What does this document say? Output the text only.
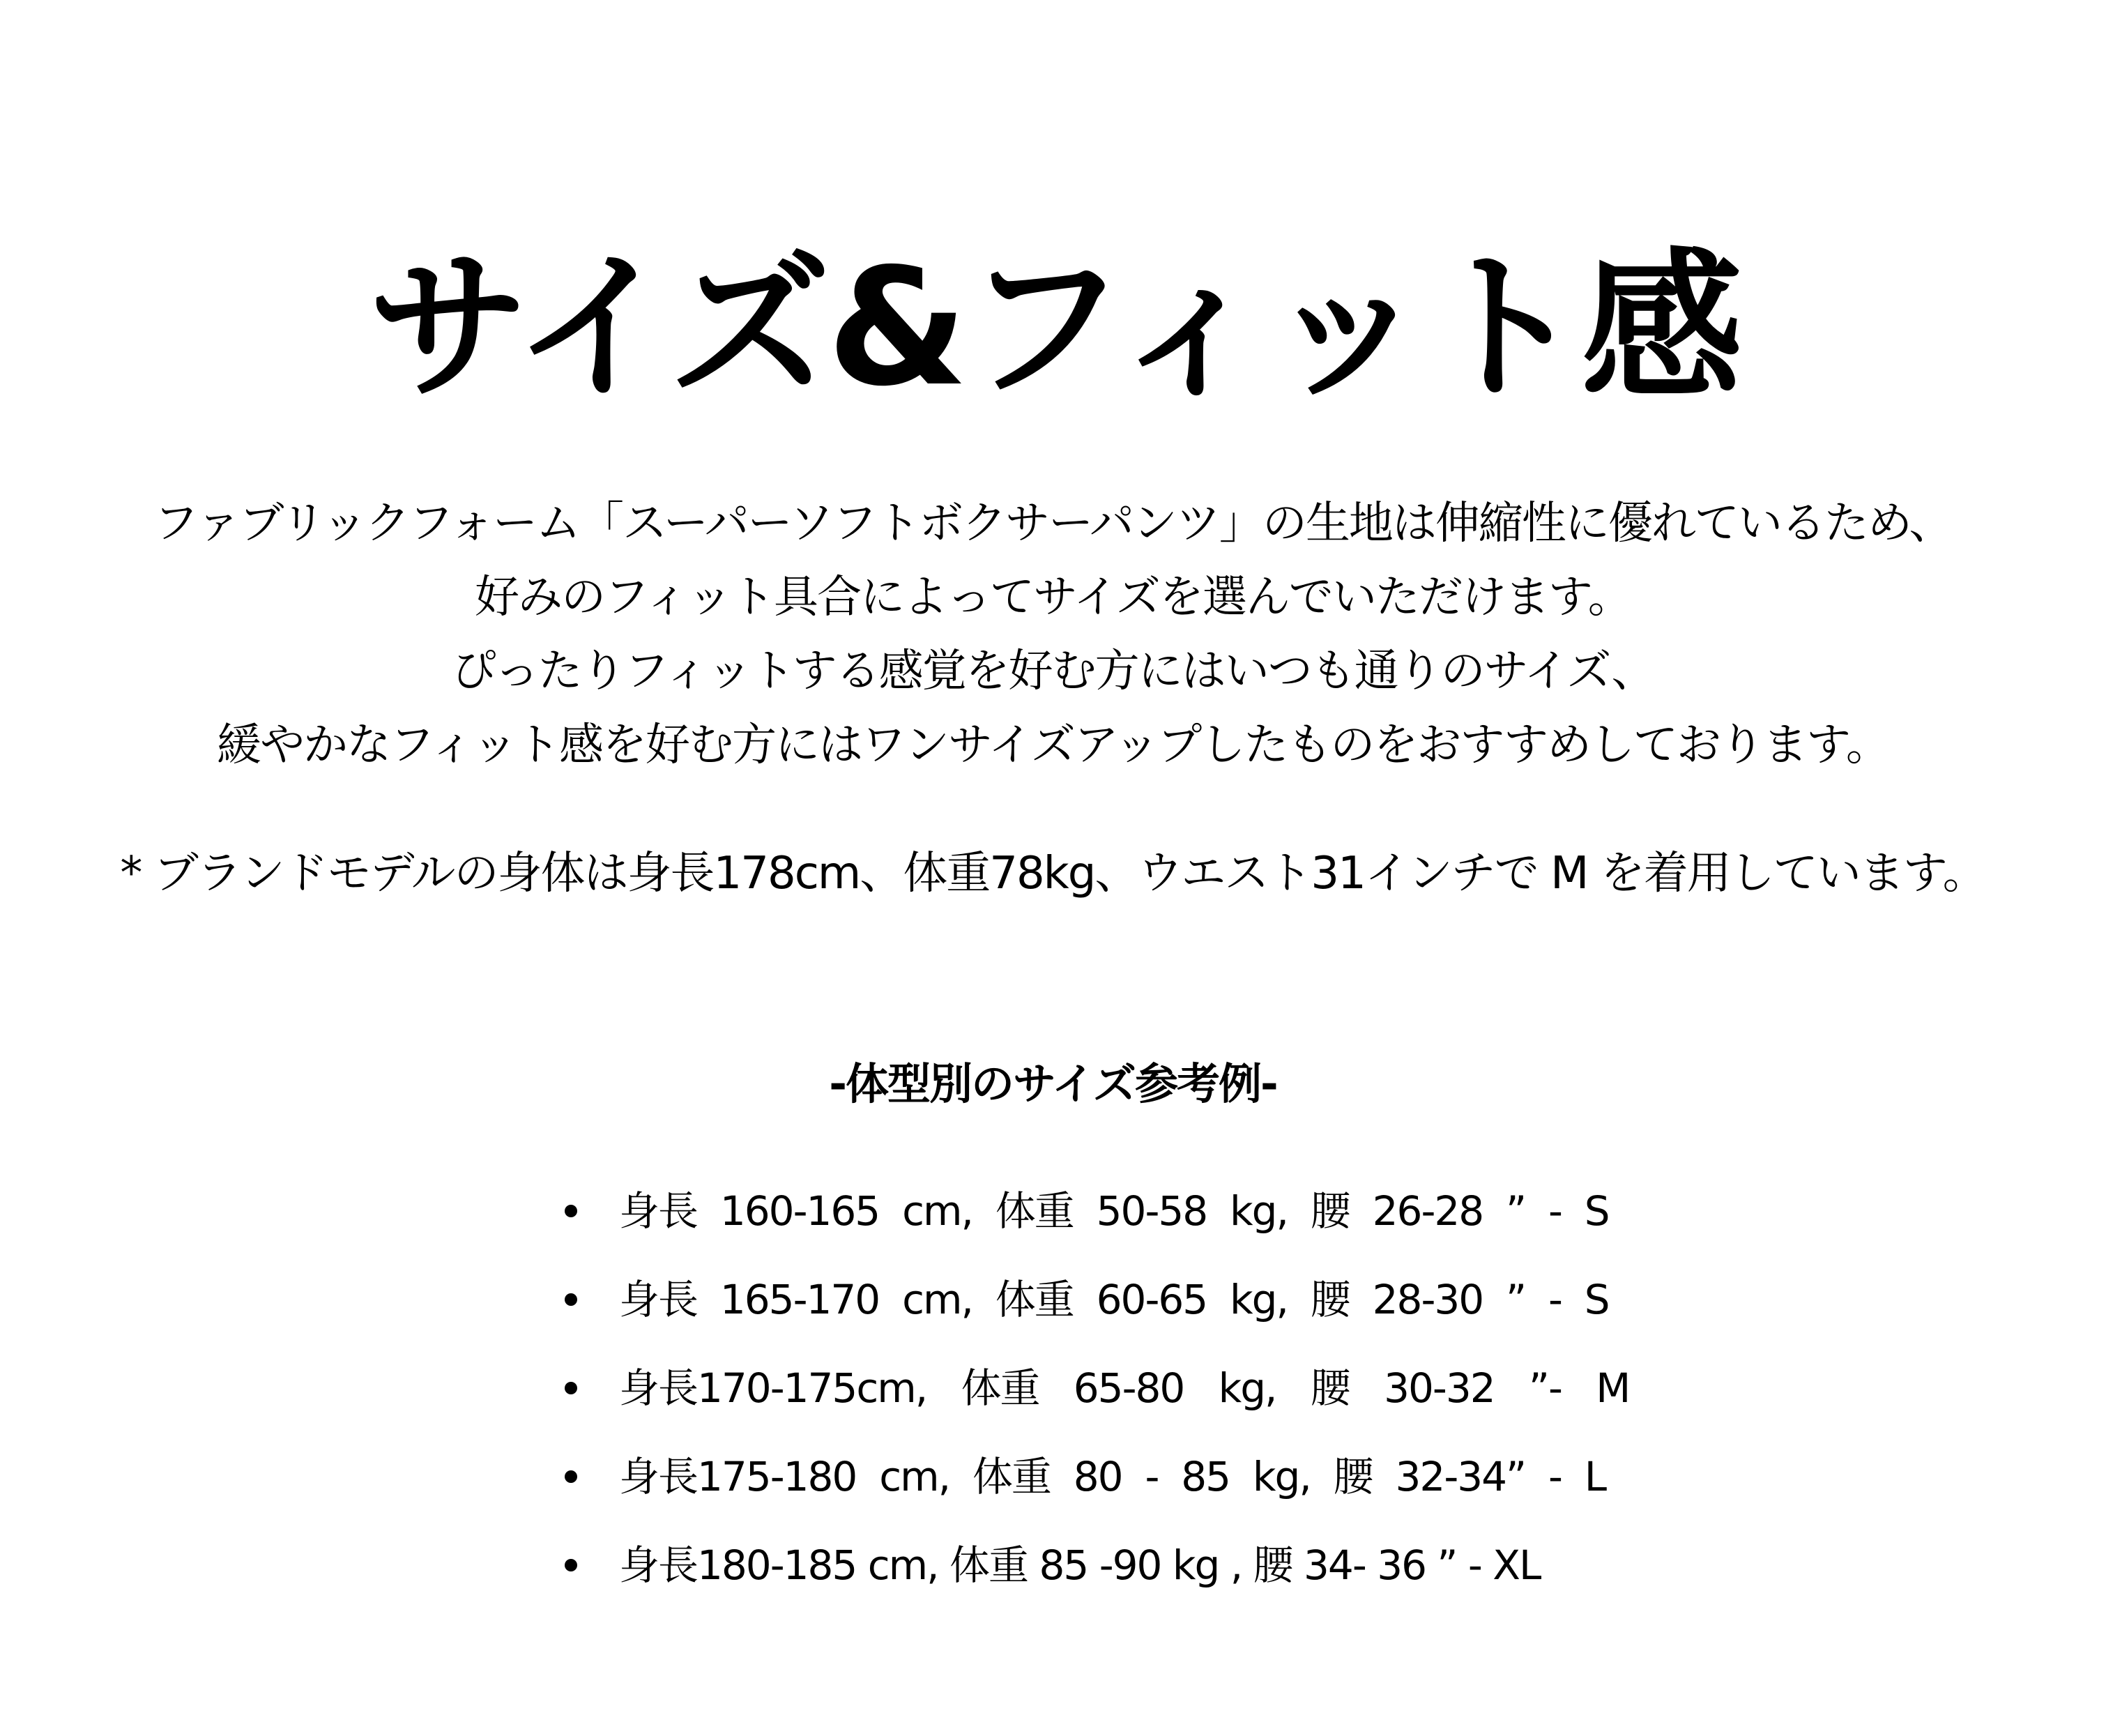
サイズ&フィット感
ファブリックフォーム「スーパーソフトボクサーパンツ」の生地は伸縮性に優れているため、
好みのフィット具合によってサイズを選んでいただけます。
ぴったりフィットする感覚を好む方にはいつも通りのサイズ、
緩やかなフィット感を好む方にはワンサイズアップしたものをおすすめしております。
* ブランドモデルの身体は身長178cm、体重78kg、ウエスト31インチで M を着用しています。
-体型別のサイズ参考例-
身長  160-165  cm,  体重  50-58  kg,  腰  26-28  ”  -  S
身長  165-170  cm,  体重  60-65  kg,  腰  28-30  ”  -  S
身長170-175cm,   体重   65-80   kg,   腰   30-32   ”-   M
身長175-180  cm,  体重  80  -  85  kg,  腰  32-34”  -  L
身長180-185 cm, 体重 85 -90 kg , 腰 34- 36 ” - XL
